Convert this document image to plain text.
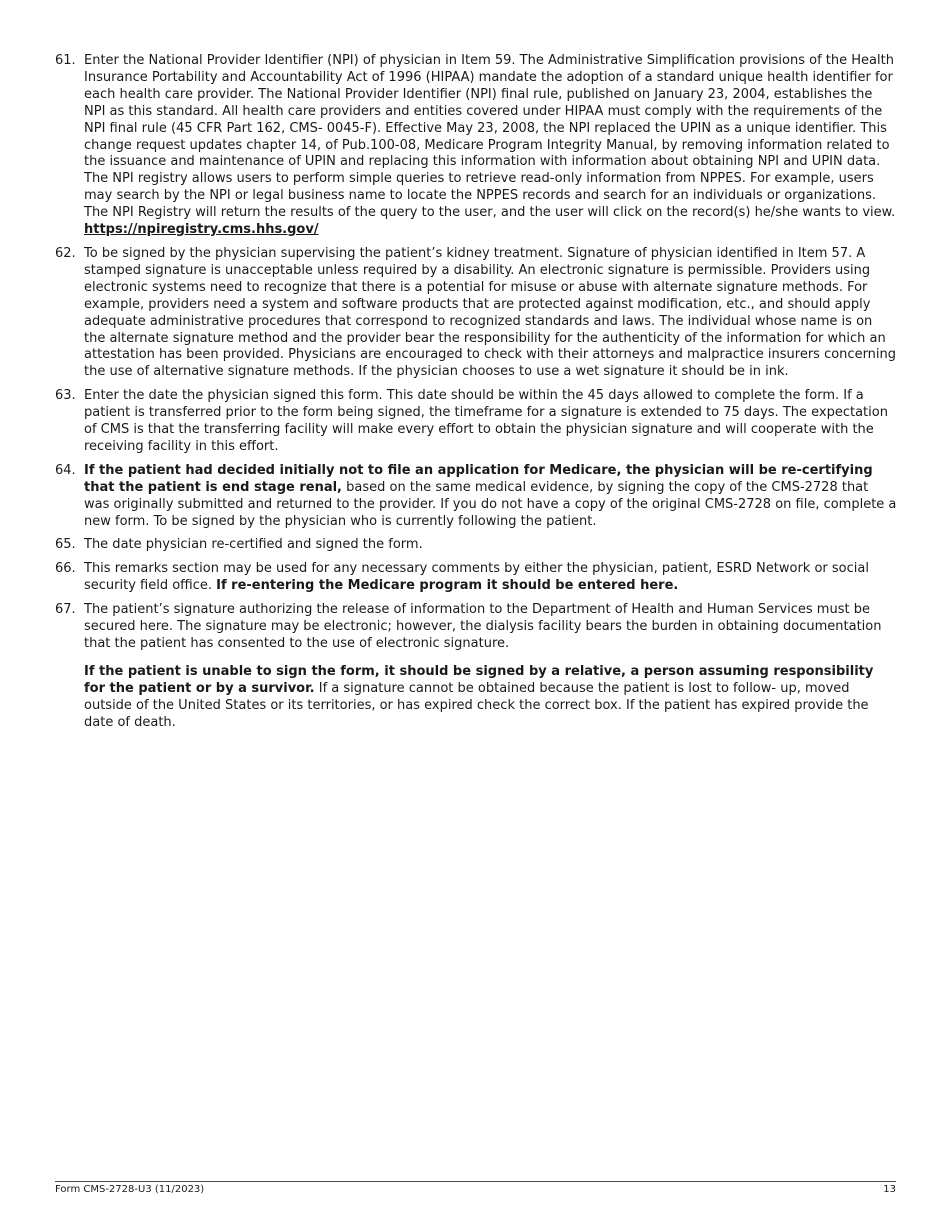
61. Enter the National Provider Identifier (NPI) of physician in Item 59. The Administrative Simplification provisions of the Health Insurance Portability and Accountability Act of 1996 (HIPAA) mandate the adoption of a standard unique health identifier for each health care provider. The National Provider Identifier (NPI) final rule, published on January 23, 2004, establishes the NPI as this standard. All health care providers and entities covered under HIPAA must comply with the requirements of the NPI final rule (45 CFR Part 162, CMS- 0045-F). Effective May 23, 2008, the NPI replaced the UPIN as a unique identifier. This change request updates chapter 14, of Pub.100-08, Medicare Program Integrity Manual, by removing information related to the issuance and maintenance of UPIN and replacing this information with information about obtaining NPI and UPIN data. The NPI registry allows users to perform simple queries to retrieve read-only information from NPPES. For example, users may search by the NPI or legal business name to locate the NPPES records and search for an individuals or organizations. The NPI Registry will return the results of the query to the user, and the user will click on the record(s) he/she wants to view. https://npiregistry.cms.hhs.gov/
62. To be signed by the physician supervising the patient’s kidney treatment. Signature of physician identified in Item 57. A stamped signature is unacceptable unless required by a disability. An electronic signature is permissible. Providers using electronic systems need to recognize that there is a potential for misuse or abuse with alternate signature methods. For example, providers need a system and software products that are protected against modification, etc., and should apply adequate administrative procedures that correspond to recognized standards and laws. The individual whose name is on the alternate signature method and the provider bear the responsibility for the authenticity of the information for which an attestation has been provided. Physicians are encouraged to check with their attorneys and malpractice insurers concerning the use of alternative signature methods. If the physician chooses to use a wet signature it should be in ink.
63. Enter the date the physician signed this form. This date should be within the 45 days allowed to complete the form. If a patient is transferred prior to the form being signed, the timeframe for a signature is extended to 75 days. The expectation of CMS is that the transferring facility will make every effort to obtain the physician signature and will cooperate with the receiving facility in this effort.
64. If the patient had decided initially not to file an application for Medicare, the physician will be re-certifying that the patient is end stage renal, based on the same medical evidence, by signing the copy of the CMS-2728 that was originally submitted and returned to the provider. If you do not have a copy of the original CMS-2728 on file, complete a new form. To be signed by the physician who is currently following the patient.
65. The date physician re-certified and signed the form.
66. This remarks section may be used for any necessary comments by either the physician, patient, ESRD Network or social security field office. If re-entering the Medicare program it should be entered here.
67. The patient’s signature authorizing the release of information to the Department of Health and Human Services must be secured here. The signature may be electronic; however, the dialysis facility bears the burden in obtaining documentation that the patient has consented to the use of electronic signature.
If the patient is unable to sign the form, it should be signed by a relative, a person assuming responsibility for the patient or by a survivor. If a signature cannot be obtained because the patient is lost to follow- up, moved outside of the United States or its territories, or has expired check the correct box. If the patient has expired provide the date of death.
Form CMS-2728-U3 (11/2023)	13
